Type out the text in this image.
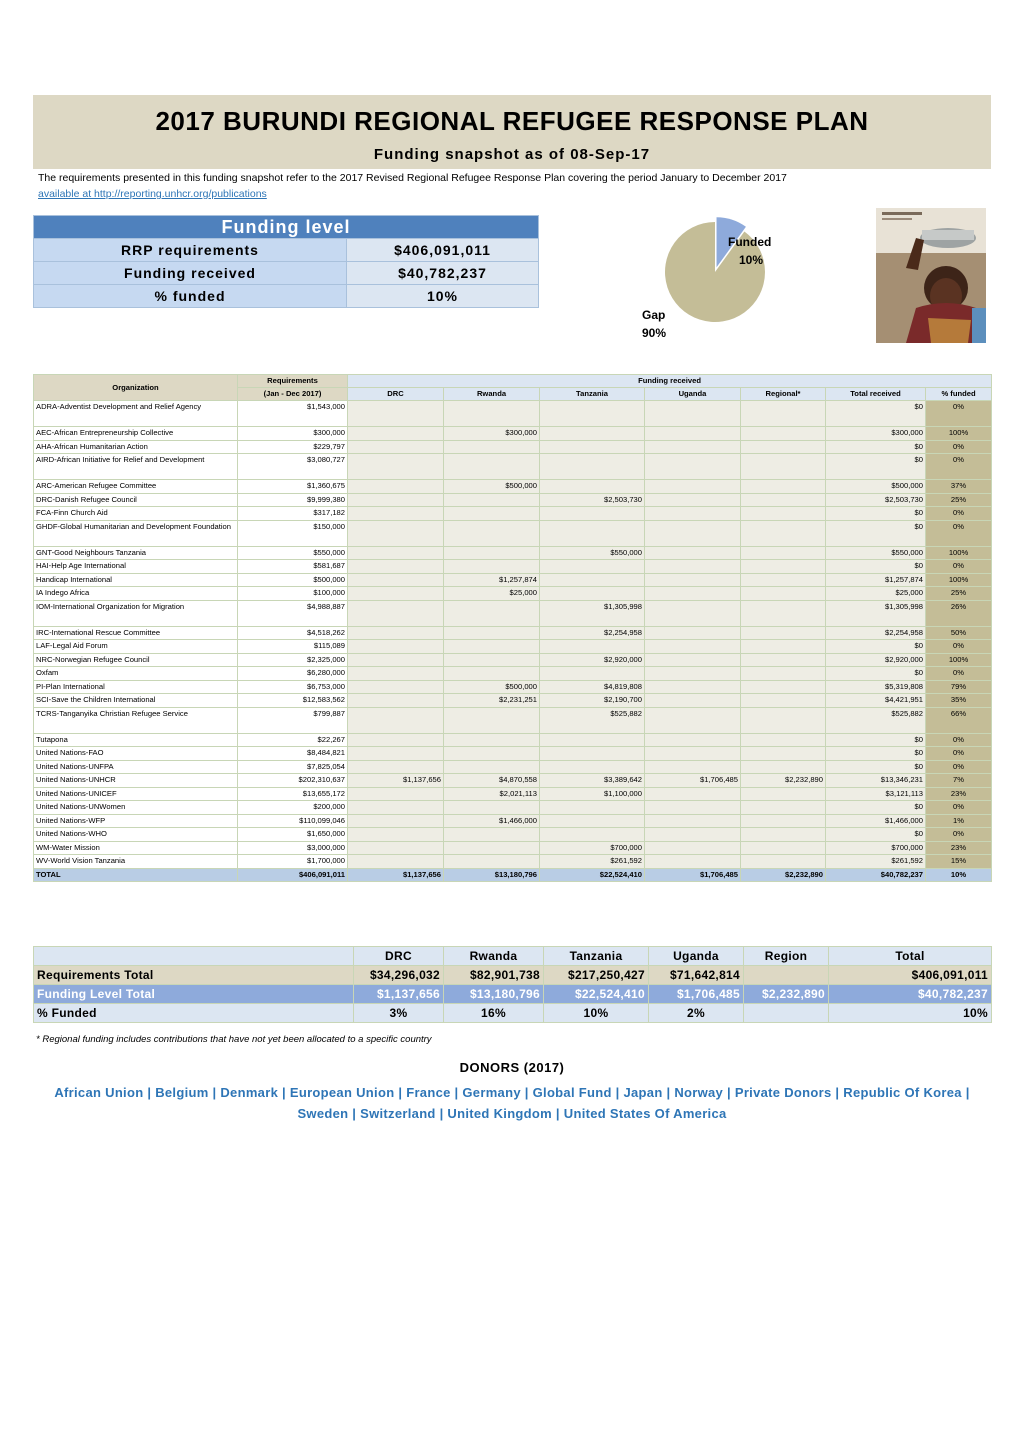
2017 BURUNDI REGIONAL REFUGEE RESPONSE PLAN
Funding snapshot as of 08-Sep-17
The requirements presented in this funding snapshot refer to the 2017 Revised Regional Refugee Response Plan covering the period January to December 2017
available at http://reporting.unhcr.org/publications
Funding level	
RRP requirements	$406,091,011
Funding received	$40,782,237
% funded	10%
Funded
10%
Gap
90%
Organization	Requirements	Funding received						
	(Jan - Dec 2017)	DRC	Rwanda	Tanzania	Uganda	Regional*	Total received	% funded
ADRA-Adventist Development and Relief Agency	$1,543,000						$0	0%
AEC-African Entrepreneurship Collective	$300,000		$300,000				$300,000	100%
AHA-African Humanitarian Action	$229,797						$0	0%
AIRD-African Initiative for Relief and Development	$3,080,727						$0	0%
ARC-American Refugee Committee	$1,360,675		$500,000				$500,000	37%
DRC-Danish Refugee Council	$9,999,380			$2,503,730			$2,503,730	25%
FCA-Finn Church Aid	$317,182						$0	0%
GHDF-Global Humanitarian and Development Foundation	$150,000						$0	0%
GNT-Good Neighbours Tanzania	$550,000			$550,000			$550,000	100%
HAI-Help Age International	$581,687						$0	0%
Handicap International	$500,000		$1,257,874				$1,257,874	100%
IA Indego Africa	$100,000		$25,000				$25,000	25%
IOM-International Organization for Migration	$4,988,887			$1,305,998			$1,305,998	26%
IRC-International Rescue Committee	$4,518,262			$2,254,958			$2,254,958	50%
LAF-Legal Aid Forum	$115,089						$0	0%
NRC-Norwegian Refugee Council	$2,325,000			$2,920,000			$2,920,000	100%
Oxfam	$6,280,000						$0	0%
PI-Plan International	$6,753,000		$500,000	$4,819,808			$5,319,808	79%
SCI-Save the Children International	$12,583,562		$2,231,251	$2,190,700			$4,421,951	35%
TCRS-Tanganyika Christian Refugee Service	$799,887			$525,882			$525,882	66%
Tutapona	$22,267						$0	0%
United Nations-FAO	$8,484,821						$0	0%
United Nations-UNFPA	$7,825,054						$0	0%
United Nations-UNHCR	$202,310,637	$1,137,656	$4,870,558	$3,389,642	$1,706,485	$2,232,890	$13,346,231	7%
United Nations-UNICEF	$13,655,172		$2,021,113	$1,100,000			$3,121,113	23%
United Nations-UNWomen	$200,000						$0	0%
United Nations-WFP	$110,099,046		$1,466,000				$1,466,000	1%
United Nations-WHO	$1,650,000						$0	0%
WM-Water Mission	$3,000,000			$700,000			$700,000	23%
WV-World Vision Tanzania	$1,700,000			$261,592			$261,592	15%
TOTAL	$406,091,011	$1,137,656	$13,180,796	$22,524,410	$1,706,485	$2,232,890	$40,782,237	10%
	DRC	Rwanda	Tanzania	Uganda	Region	Total
Requirements Total	$34,296,032	$82,901,738	$217,250,427	$71,642,814		$406,091,011
Funding Level Total	$1,137,656	$13,180,796	$22,524,410	$1,706,485	$2,232,890	$40,782,237
% Funded	3%	16%	10%	2%		10%
* Regional funding includes contributions that have not yet been allocated to a specific country
DONORS (2017)
African Union | Belgium | Denmark | European Union | France | Germany | Global Fund | Japan | Norway | Private Donors | Republic Of Korea | Sweden | Switzerland | United Kingdom | United States Of America
